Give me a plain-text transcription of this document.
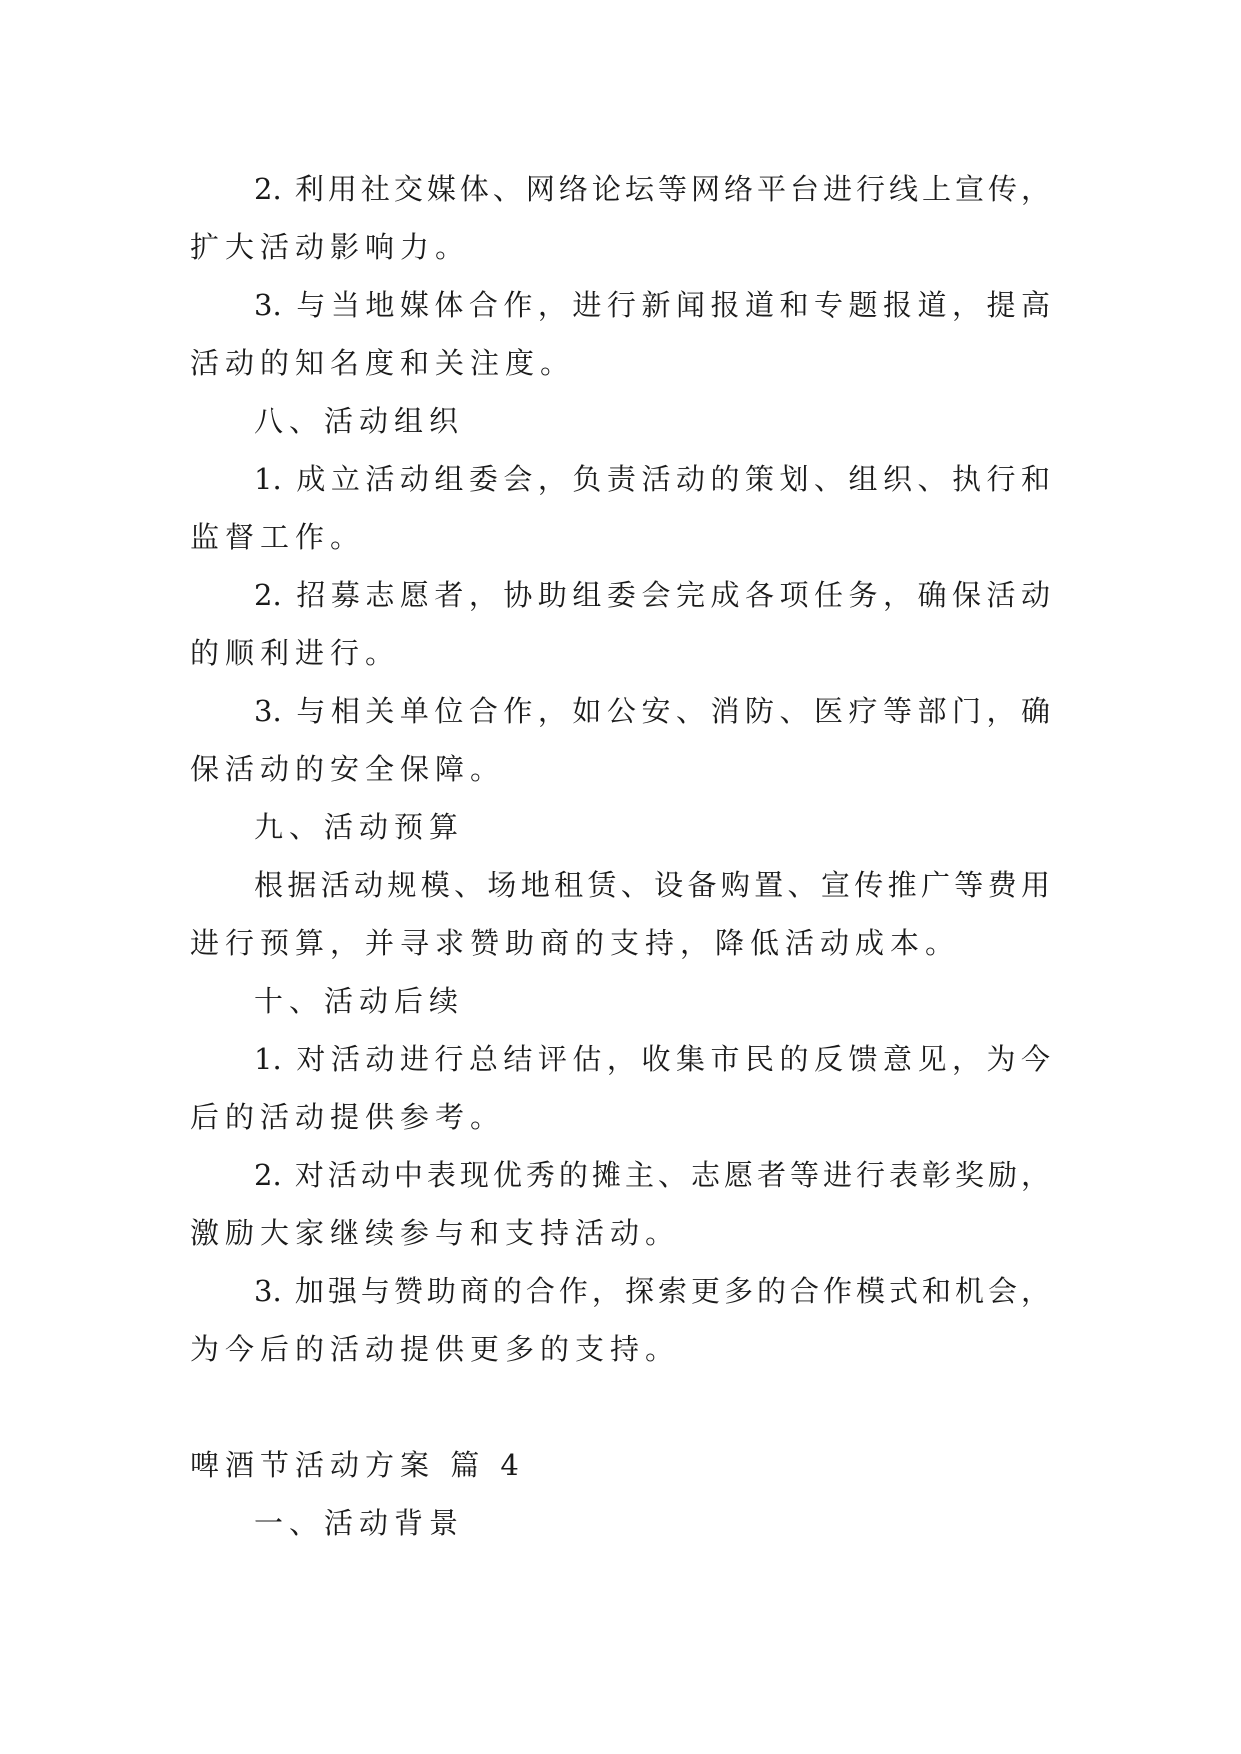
2. 利用社交媒体、网络论坛等网络平台进行线上宣传，
扩大活动影响力。
3. 与当地媒体合作，进行新闻报道和专题报道，提高
活动的知名度和关注度。
八、活动组织
1. 成立活动组委会，负责活动的策划、组织、执行和
监督工作。
2. 招募志愿者，协助组委会完成各项任务，确保活动
的顺利进行。
3. 与相关单位合作，如公安、消防、医疗等部门，确
保活动的安全保障。
九、活动预算
根据活动规模、场地租赁、设备购置、宣传推广等费用
进行预算，并寻求赞助商的支持，降低活动成本。
十、活动后续
1. 对活动进行总结评估，收集市民的反馈意见，为今
后的活动提供参考。
2. 对活动中表现优秀的摊主、志愿者等进行表彰奖励，
激励大家继续参与和支持活动。
3. 加强与赞助商的合作，探索更多的合作模式和机会，
为今后的活动提供更多的支持。
啤酒节活动方案 篇 4
一、活动背景
